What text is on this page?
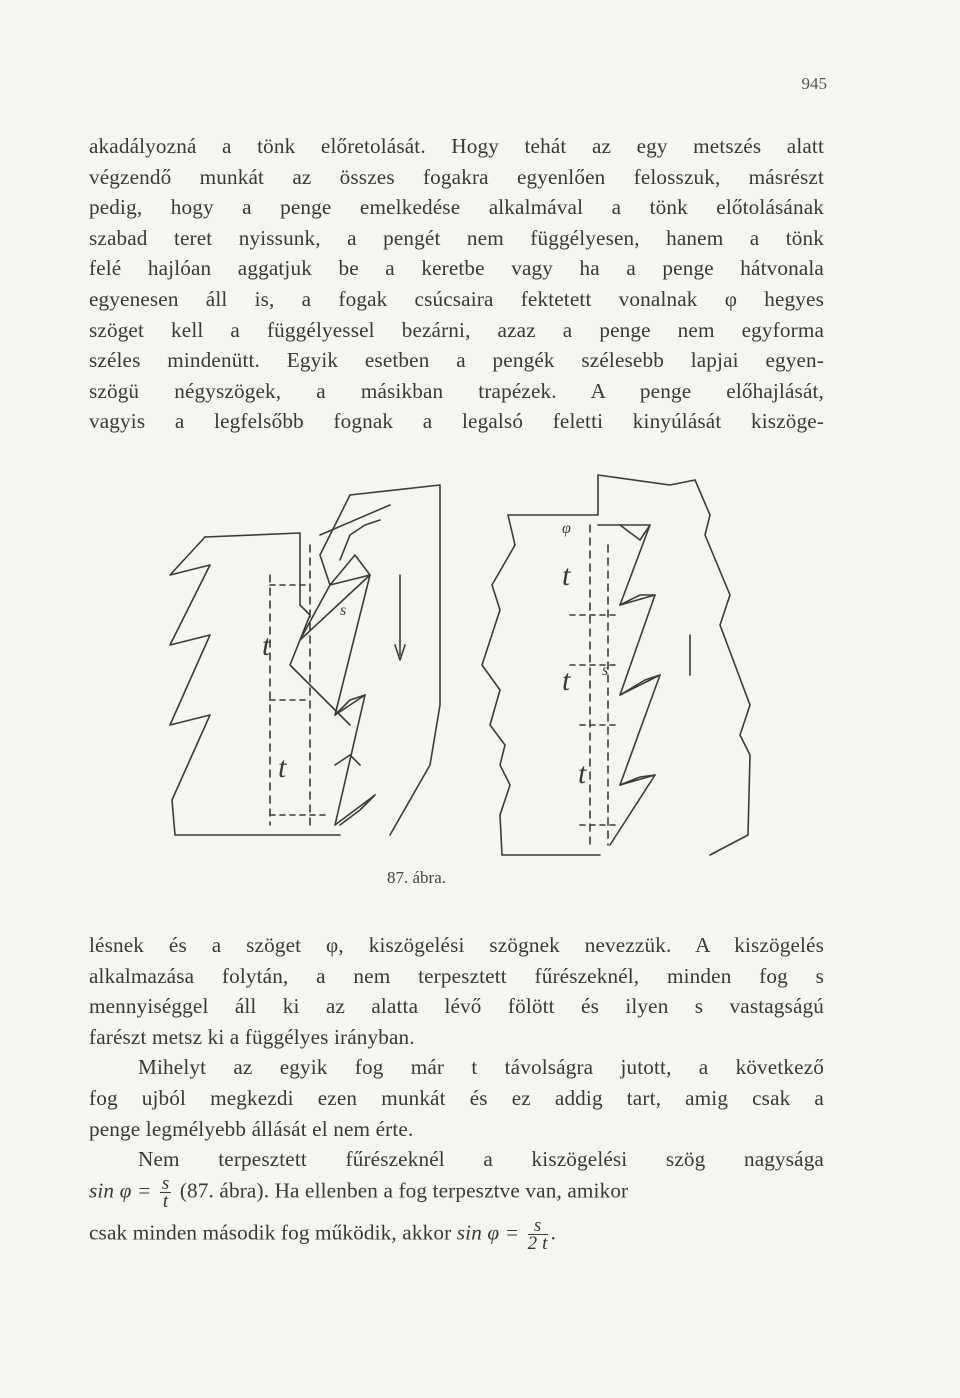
945

akadályozná a tönk előretolását. Hogy tehát az egy metszés alatt

végzendő munkát az összes fogakra egyenlően felosszuk, másrészt

pedig, hogy a penge emelkedése alkalmával a tönk előtolásának

szabad teret nyissunk, a pengét nem függélyesen, hanem a tönk

felé hajlóan aggatjuk be a keretbe vagy ha a penge hátvonala

egyenesen áll is, a fogak csúcsaira fektetett vonalnak φ hegyes

szöget kell a függélyessel bezárni, azaz a penge nem egyforma

széles mindenütt. Egyik esetben a pengék szélesebb lapjai egyen-

szögü négyszögek, a másikban trapézek. A penge előhajlását,

vagyis a legfelsőbb fognak a legalsó feletti kinyúlását kiszöge-

t
t
t
t
t
s
s
φ
87. ábra.

lésnek és a szöget φ, kiszögelési szögnek nevezzük. A kiszögelés

alkalmazása folytán, a nem terpesztett fűrészeknél, minden fog s

mennyiséggel áll ki az alatta lévő fölött és ilyen s vastagságú

farészt metsz ki a függélyes irányban.

Mihelyt az egyik fog már t távolságra jutott, a következő

fog ujból megkezdi ezen munkát és ez addig tart, amig csak a

penge legmélyebb állását el nem érte.

Nem terpesztett fűrészeknél a kiszögelési szög nagysága

$\sin \varphi = \frac{s}{t} (87$. ábra). Ha ellenben a fog terpesztve van, amikor
csak minden második fog működik, akkor $\sin \varphi = \frac{s}{2 t}$ .
